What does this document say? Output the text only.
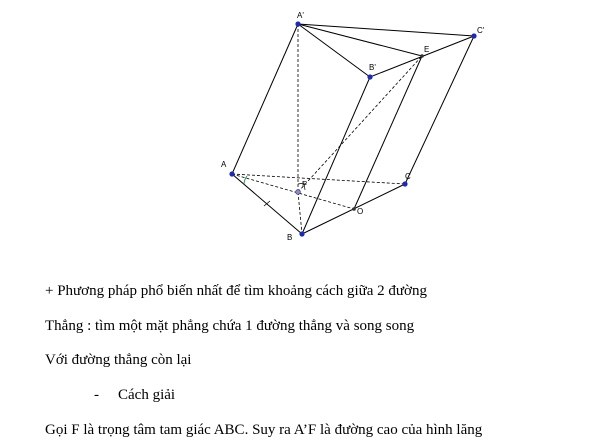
A'
C'
E
B'
A
C
F
O
B
+ Phương pháp phổ biến nhất để tìm khoảng cách giữa 2 đường
Thẳng : tìm một mặt phẳng chứa 1 đường thẳng và song song
Với đường thẳng còn lại
- Cách giải
Gọi F là trọng tâm tam giác ABC. Suy ra A’F là đường cao của hình lăng
